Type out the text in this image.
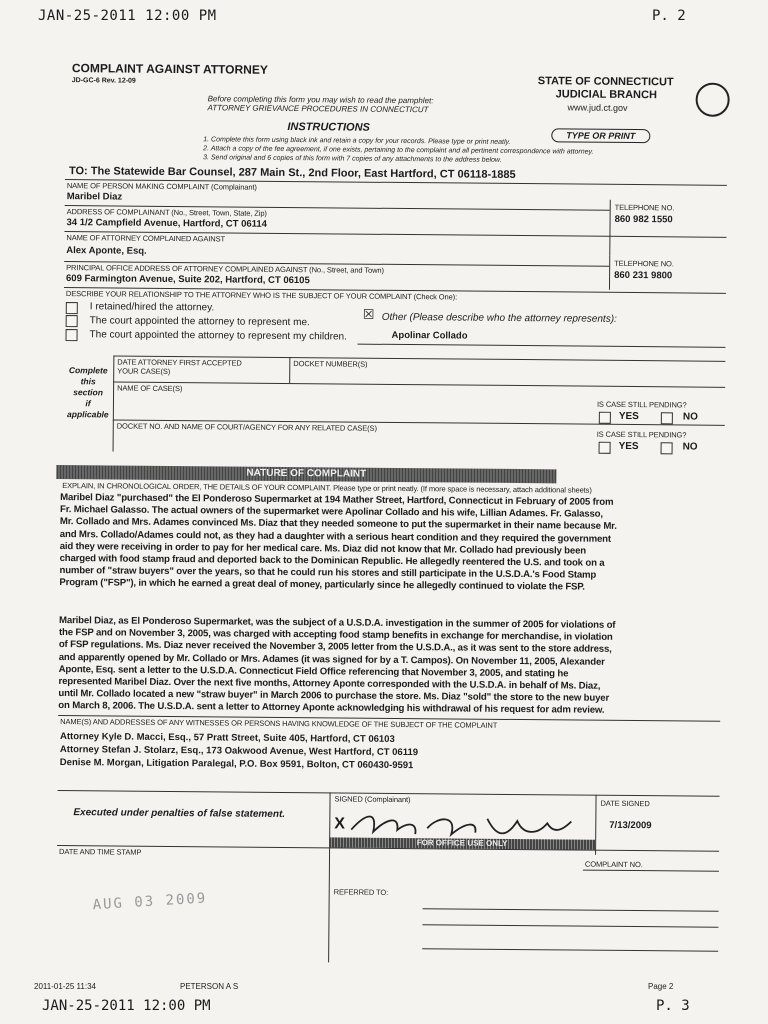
JAN-25-2011 12:00 PM	P. 2
2011-01-25 11:34	PETERSON A S	Page 2
JAN-25-2011 12:00 PM	P. 3
COMPLAINT AGAINST ATTORNEY
JD-GC-6 Rev. 12-09
Before completing this form you may wish to read the pamphlet:
ATTORNEY GRIEVANCE PROCEDURES IN CONNECTICUT
INSTRUCTIONS
STATE OF CONNECTICUT
JUDICIAL BRANCH
www.jud.ct.gov
TYPE OR PRINT
1. Complete this form using black ink and retain a copy for your records. Please type or print neatly.
2. Attach a copy of the fee agreement, if one exists, pertaining to the complaint and all pertinent correspondence with attorney.
3. Send original and 6 copies of this form with 7 copies of any attachments to the address below.
TO: The Statewide Bar Counsel, 287 Main St., 2nd Floor, East Hartford, CT 06118-1885
NAME OF PERSON MAKING COMPLAINT (Complainant)
Maribel Diaz
TELEPHONE NO.
860 982 1550
ADDRESS OF COMPLAINANT (No., Street, Town, State, Zip)
34 1/2 Campfield Avenue, Hartford, CT 06114
NAME OF ATTORNEY COMPLAINED AGAINST
Alex Aponte, Esq.
TELEPHONE NO.
860 231 9800
PRINCIPAL OFFICE ADDRESS OF ATTORNEY COMPLAINED AGAINST (No., Street, and Town)
609 Farmington Avenue, Suite 202, Hartford, CT 06105
DESCRIBE YOUR RELATIONSHIP TO THE ATTORNEY WHO IS THE SUBJECT OF YOUR COMPLAINT (Check One):
I retained/hired the attorney.
The court appointed the attorney to represent me.
The court appointed the attorney to represent my children.
☒ Other (Please describe who the attorney represents):
Apolinar Collado
Complete
this
section
if
applicable
DATE ATTORNEY FIRST ACCEPTED
YOUR CASE(S)
DOCKET NUMBER(S)
NAME OF CASE(S)
IS CASE STILL PENDING?
YES	NO
DOCKET NO. AND NAME OF COURT/AGENCY FOR ANY RELATED CASE(S)
IS CASE STILL PENDING?
YES	NO
NATURE OF COMPLAINT
EXPLAIN, IN CHRONOLOGICAL ORDER, THE DETAILS OF YOUR COMPLAINT. Please type or print neatly. (If more space is necessary, attach additional sheets)
Maribel Diaz "purchased" the El Ponderoso Supermarket at 194 Mather Street, Hartford, Connecticut in February of 2005 from
Fr. Michael Galasso. The actual owners of the supermarket were Apolinar Collado and his wife, Lillian Adames. Fr. Galasso,
Mr. Collado and Mrs. Adames convinced Ms. Diaz that they needed someone to put the supermarket in their name because Mr.
and Mrs. Collado/Adames could not, as they had a daughter with a serious heart condition and they required the government
aid they were receiving in order to pay for her medical care. Ms. Diaz did not know that Mr. Collado had previously been
charged with food stamp fraud and deported back to the Dominican Republic. He allegedly reentered the U.S. and took on a
number of "straw buyers" over the years, so that he could run his stores and still participate in the U.S.D.A.'s Food Stamp
Program ("FSP"), in which he earned a great deal of money, particularly since he allegedly continued to violate the FSP.
Maribel Diaz, as El Ponderoso Supermarket, was the subject of a U.S.D.A. investigation in the summer of 2005 for violations of
the FSP and on November 3, 2005, was charged with accepting food stamp benefits in exchange for merchandise, in violation
of FSP regulations. Ms. Diaz never received the November 3, 2005 letter from the U.S.D.A., as it was sent to the store address,
and apparently opened by Mr. Collado or Mrs. Adames (it was signed for by a T. Campos). On November 11, 2005, Alexander
Aponte, Esq. sent a letter to the U.S.D.A. Connecticut Field Office referencing that November 3, 2005, and stating he
represented Maribel Diaz. Over the next five months, Attorney Aponte corresponded with the U.S.D.A. in behalf of Ms. Diaz,
until Mr. Collado located a new "straw buyer" in March 2006 to purchase the store. Ms. Diaz "sold" the store to the new buyer
on March 8, 2006. The U.S.D.A. sent a letter to Attorney Aponte acknowledging his withdrawal of his request for adm review.
NAME(S) AND ADDRESSES OF ANY WITNESSES OR PERSONS HAVING KNOWLEDGE OF THE SUBJECT OF THE COMPLAINT
Attorney Kyle D. Macci, Esq., 57 Pratt Street, Suite 405, Hartford, CT 06103
Attorney Stefan J. Stolarz, Esq., 173 Oakwood Avenue, West Hartford, CT 06119
Denise M. Morgan, Litigation Paralegal, P.O. Box 9591, Bolton, CT 060430-9591
Executed under penalties of false statement.
SIGNED (Complainant)
X
DATE SIGNED
7/13/2009
FOR OFFICE USE ONLY
DATE AND TIME STAMP
AUG 03 2009
COMPLAINT NO.
REFERRED TO:
